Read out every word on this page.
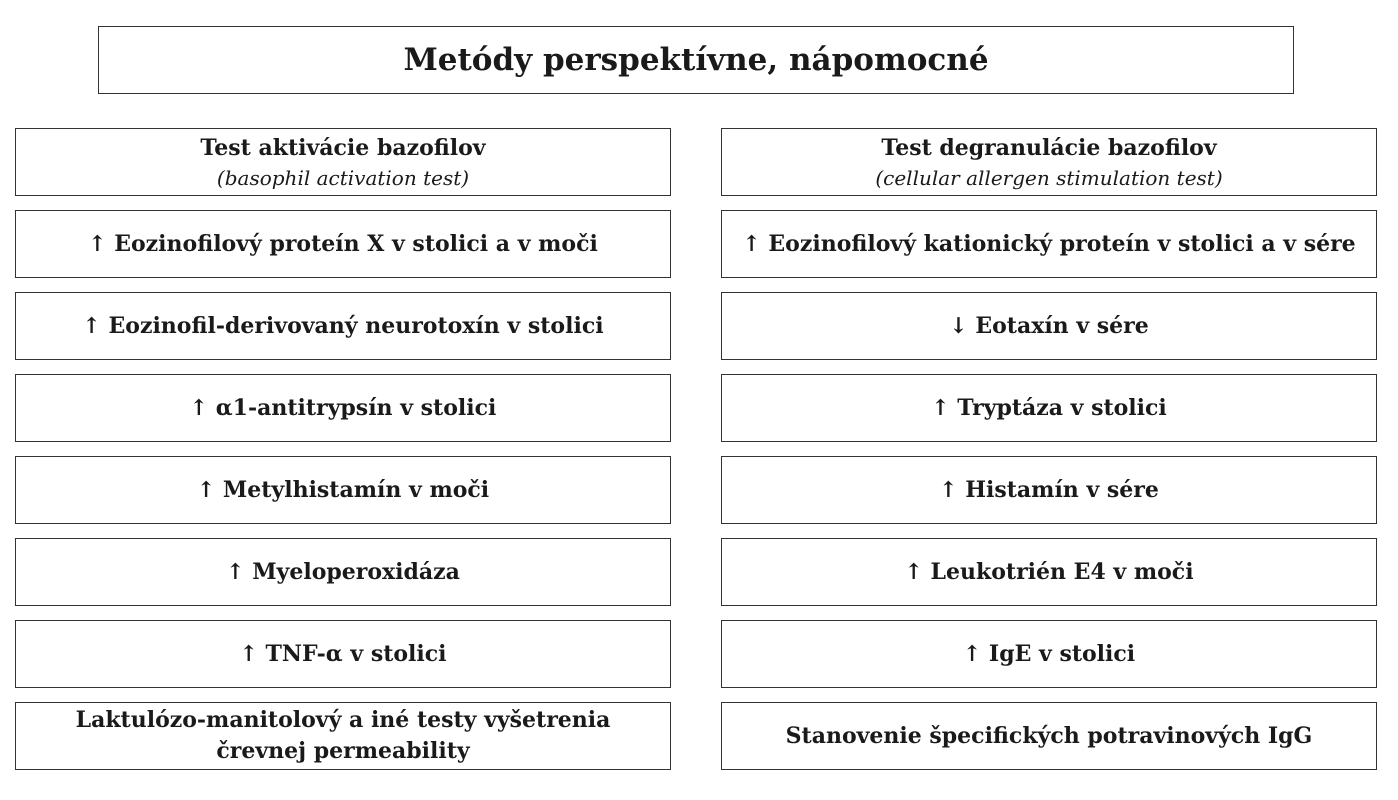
Metódy perspektívne, nápomocné
Test aktivácie bazofilov
(basophil activation test)
↑ Eozinofilový proteín X v stolici a v moči
↑ Eozinofil-derivovaný neurotoxín v stolici
↑ α1-antitrypsín v stolici
↑ Metylhistamín v moči
↑ Myeloperoxidáza
↑ TNF-α v stolici
Laktulózo-manitolový a iné testy vyšetrenia črevnej permeability
Test degranulácie bazofilov
(cellular allergen stimulation test)
↑ Eozinofilový kationický proteín v stolici a v sére
↓ Eotaxín v sére
↑ Tryptáza v stolici
↑ Histamín v sére
↑ Leukotrién E4 v moči
↑ IgE v stolici
Stanovenie špecifických potravinových IgG
